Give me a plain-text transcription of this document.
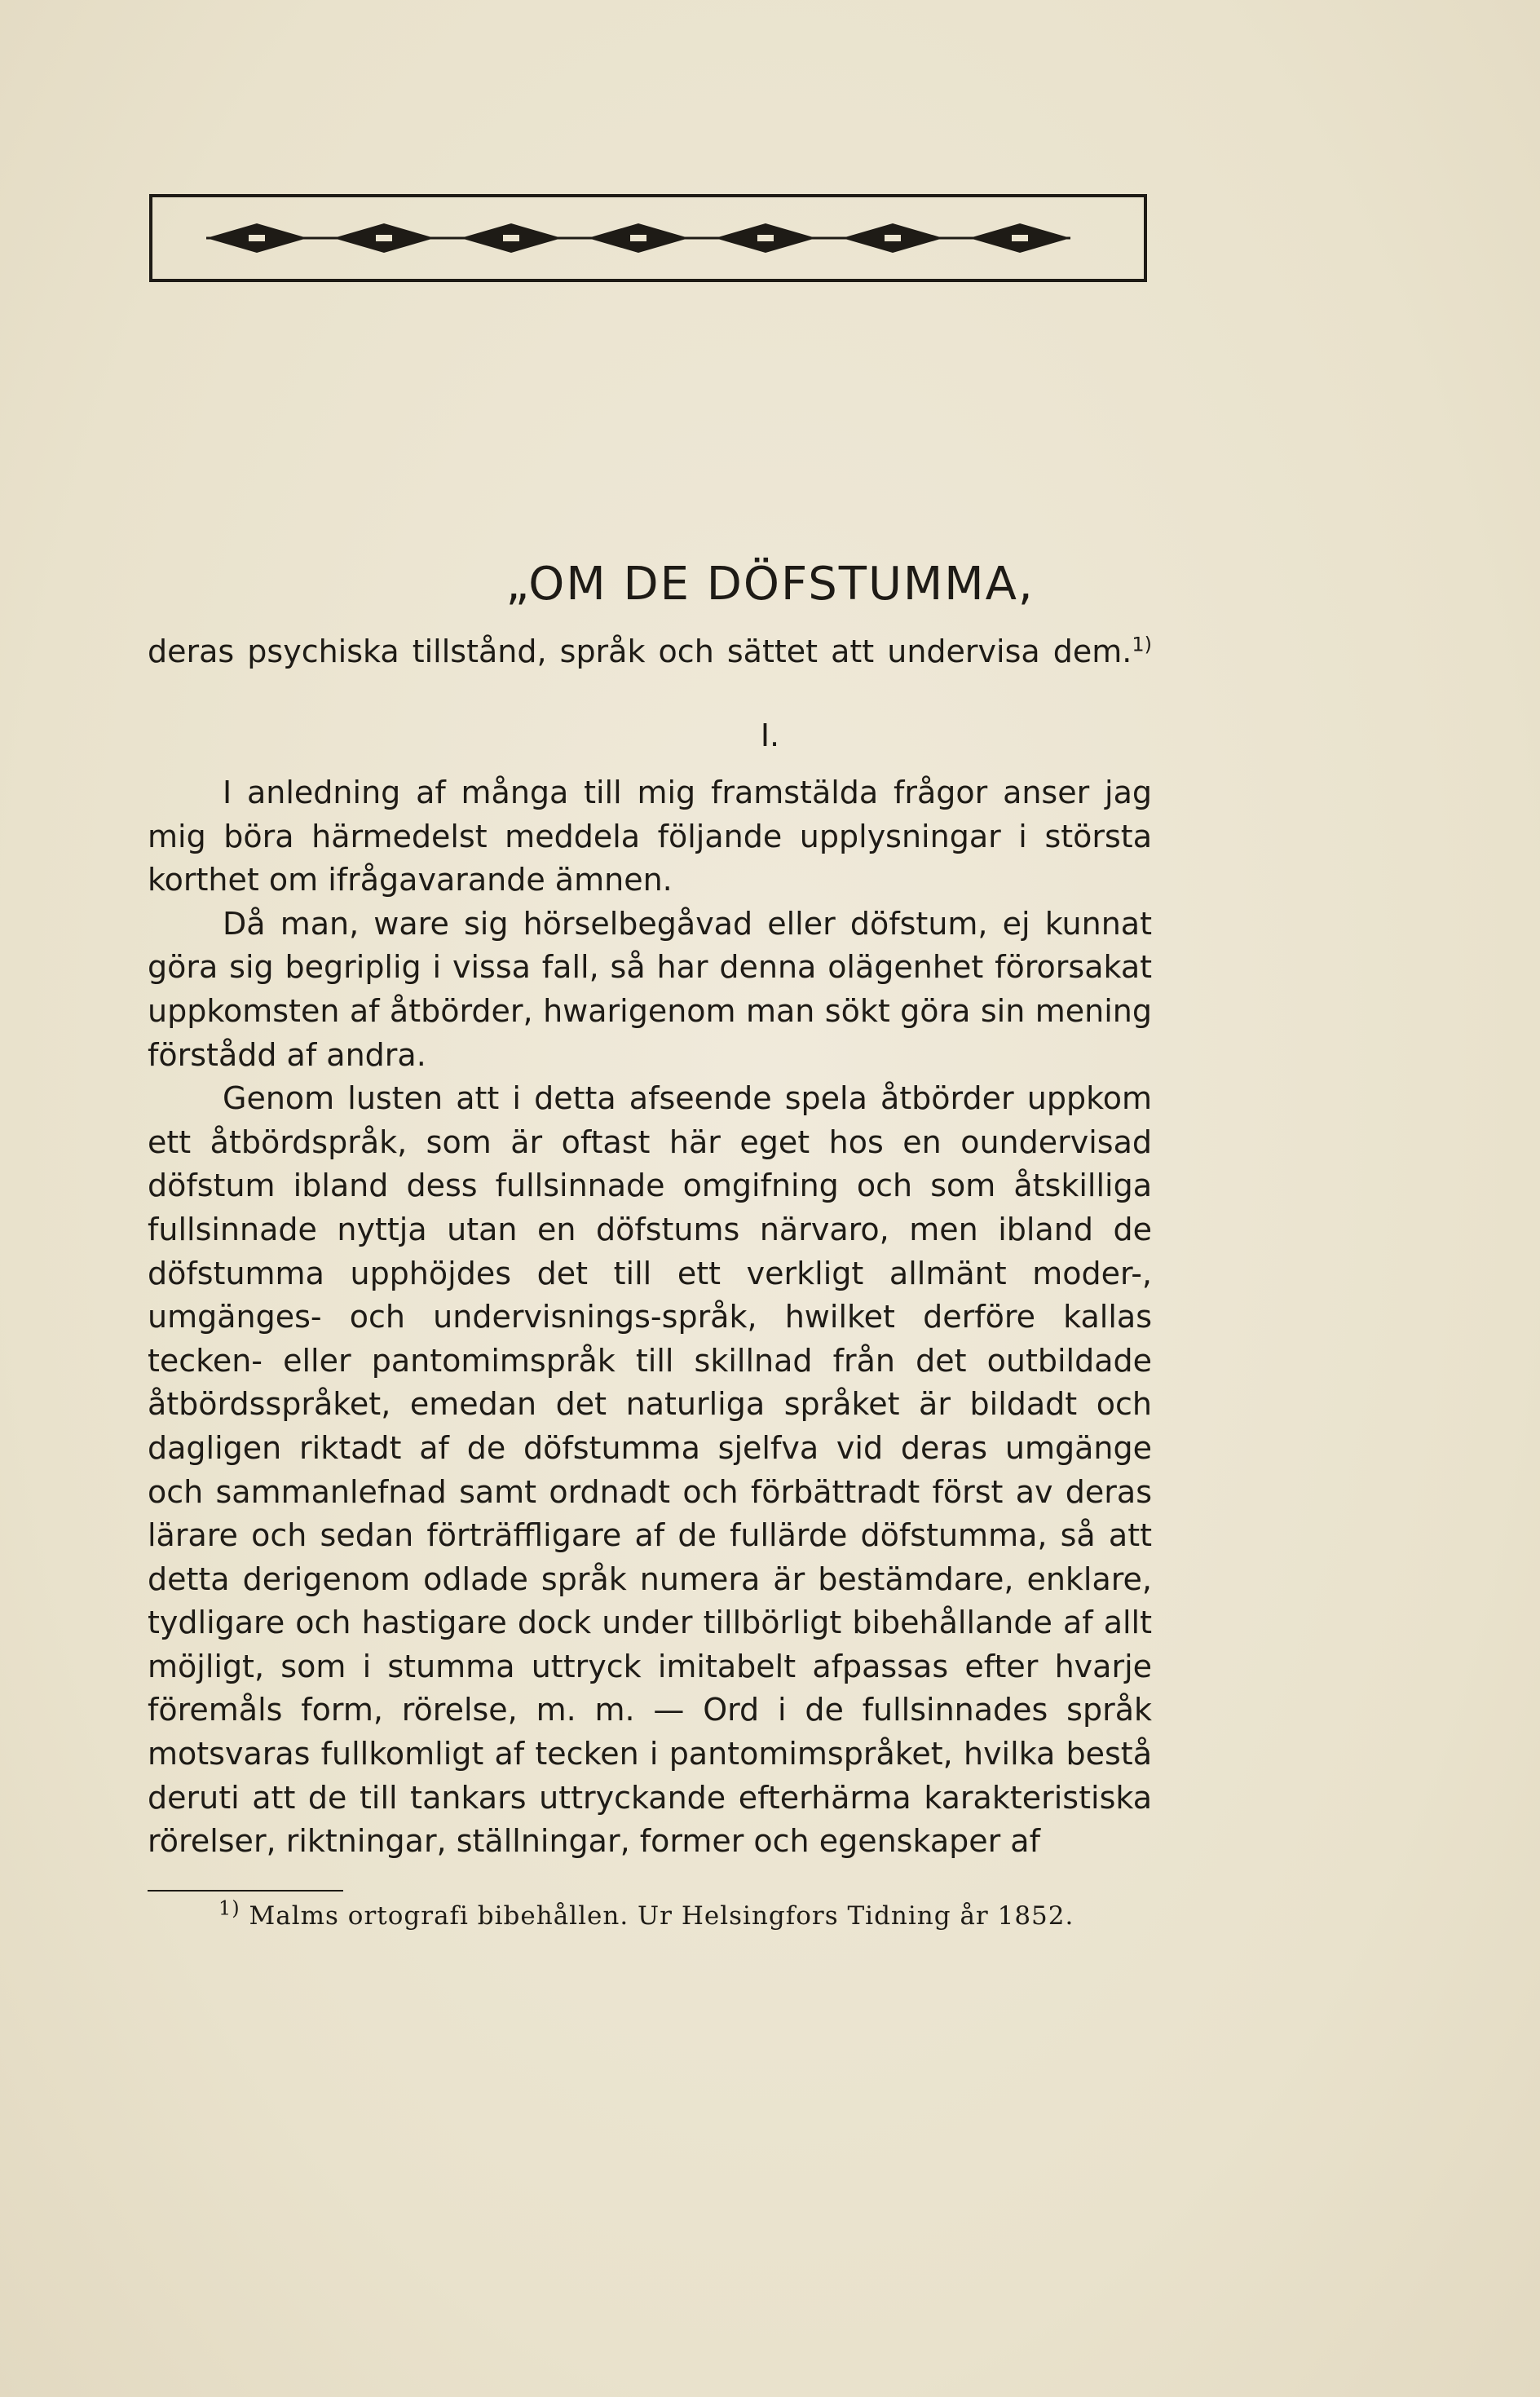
„OM DE DÖFSTUMMA,
deras psychiska tillstånd, språk och sättet att undervisa dem.$^{1)}$
I.

I anledning af många till mig framstälda frågor anser jag mig böra härmedelst meddela följande upplysningar i största korthet om ifrågavarande ämnen.

Då man, ware sig hörselbegåvad eller döfstum, ej kunnat göra sig begriplig i vissa fall, så har denna olägenhet förorsakat uppkomsten af åtbörder, hwarigenom man sökt göra sin mening förstådd af andra.

Genom lusten att i detta afseende spela åtbörder uppkom ett åtbördspråk, som är oftast här eget hos en oundervisad döfstum ibland dess fullsinnade omgifning och som åtskilliga fullsinnade nyttja utan en döfstums närvaro, men ibland de döfstumma upphöjdes det till ett verkligt allmänt moder-, umgänges- och undervisnings-språk, hwilket derföre kallas tecken- eller pantomimspråk till skillnad från det outbildade åtbördsspråket, emedan det naturliga språket är bildadt och dagligen riktadt af de döfstumma sjelfva vid deras umgänge och sammanlefnad samt ordnadt och förbättradt först av deras lärare och sedan förträffligare af de fullärde döfstumma, så att detta derigenom odlade språk numera är bestämdare, enklare, tydligare och hastigare dock under tillbörligt bibehållande af allt möjligt, som i stumma uttryck imitabelt afpassas efter hvarje föremåls form, rörelse, m. m. — Ord i de fullsinnades språk motsvaras fullkomligt af tecken i pantomimspråket, hvilka bestå deruti att de till tankars uttryckande efterhärma karakteristiska rörelser, riktningar, ställningar, former och egenskaper af

$^{1)}$ Malms ortografi bibehållen. Ur Helsingfors Tidning år 1852.
